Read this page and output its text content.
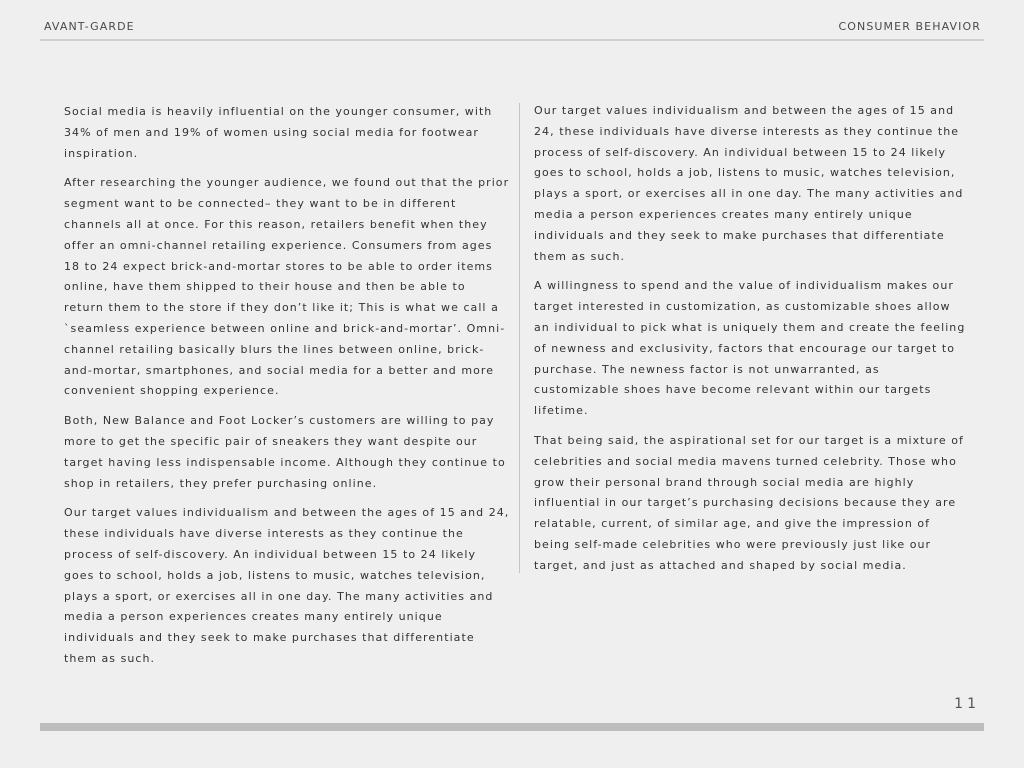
AVANT-GARDE	CONSUMER BEHAVIOR

Social media is heavily influential on the younger consumer, with 34% of men and 19% of women using social media for footwear inspiration.

After researching the younger audience, we found out that the prior segment want to be connected– they want to be in different channels all at once. For this reason, retailers benefit when they offer an omni-channel retailing experience. Consumers from ages 18 to 24 expect brick-and-mortar stores to be able to order items online, have them shipped to their house and then be able to return them to the store if they don’t like it; This is what we call a `seamless experience between online and brick-and-mortar’. Omni-channel retailing basically blurs the lines between online, brick-and-mortar, smartphones, and social media for a better and more convenient shopping experience.

Both, New Balance and Foot Locker’s customers are willing to pay more to get the specific pair of sneakers they want despite our target having less indispensable income. Although they continue to shop in retailers, they prefer purchasing online.

Our target values individualism and between the ages of 15 and 24, these individuals have diverse interests as they continue the process of self-discovery. An individual between 15 to 24 likely goes to school, holds a job, listens to music, watches television, plays a sport, or exercises all in one day. The many activities and media a person experiences creates many entirely unique individuals and they seek to make purchases that differentiate them as such.

Our target values individualism and between the ages of 15 and 24, these individuals have diverse interests as they continue the process of self-discovery. An individual between 15 to 24 likely goes to school, holds a job, listens to music, watches television, plays a sport, or exercises all in one day. The many activities and media a person experiences creates many entirely unique individuals and they seek to make purchases that differentiate them as such.

A willingness to spend and the value of individualism makes our target interested in customization, as customizable shoes allow an individual to pick what is uniquely them and create the feeling of newness and exclusivity, factors that encourage our target to purchase. The newness factor is not unwarranted, as customizable shoes have become relevant within our targets lifetime.

That being said, the aspirational set for our target is a mixture of celebrities and social media mavens turned celebrity. Those who grow their personal brand through social media are highly influential in our target’s purchasing decisions because they are relatable, current, of similar age, and give the impression of being self-made celebrities who were previously just like our target, and just as attached and shaped by social media.

11
